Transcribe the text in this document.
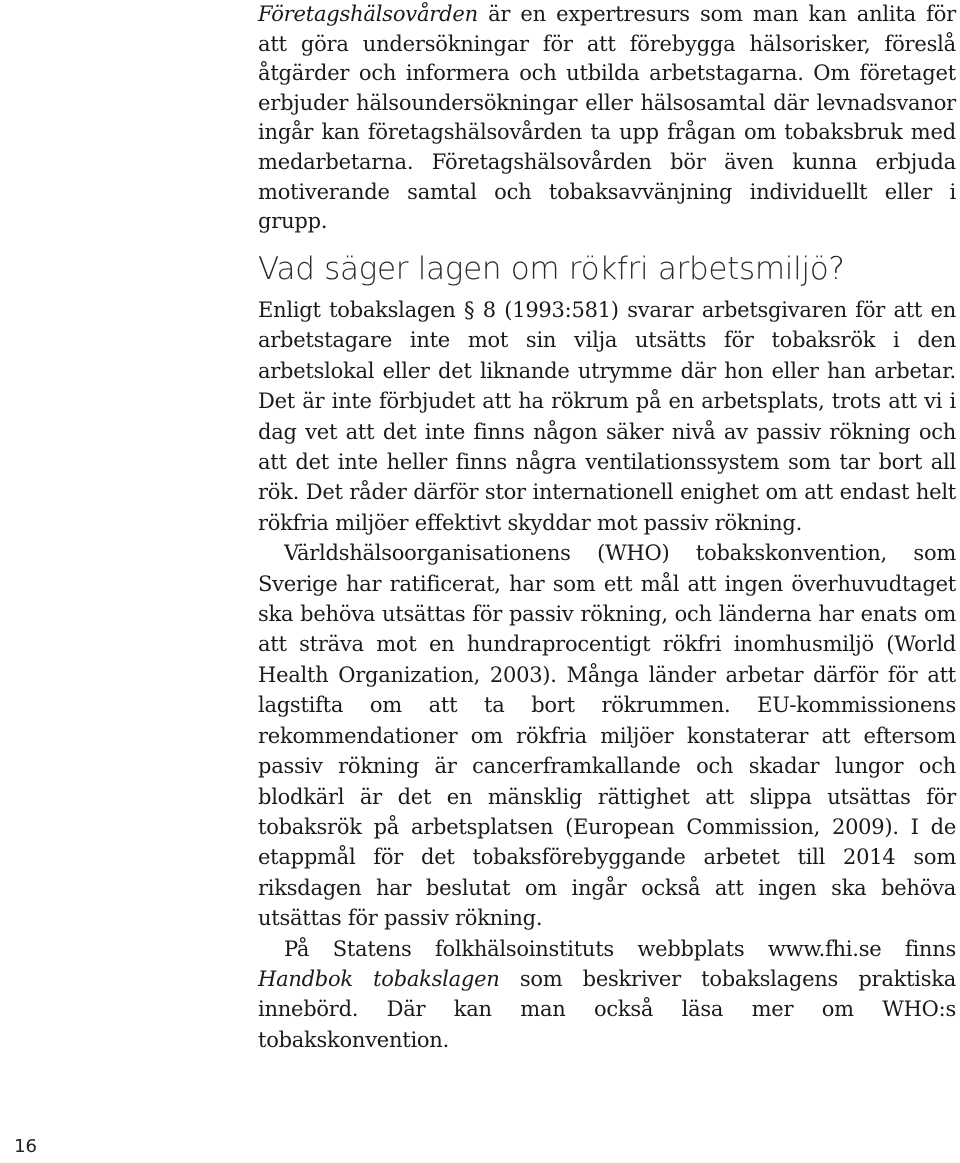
Företagshälsovården är en expertresurs som man kan anlita för att göra undersökningar för att förebygga hälsorisker, föreslå åtgärder och informera och utbilda arbetstagarna. Om företaget erbjuder hälsoundersökningar eller hälsosamtal där levnadsvanor ingår kan företagshälsovården ta upp frågan om tobaksbruk med medarbetarna. Företagshälsovården bör även kunna erbjuda motiverande samtal och tobaksavvänjning individuellt eller i grupp.

Vad säger lagen om rökfri arbetsmiljö?

Enligt tobakslagen § 8 (1993:581) svarar arbetsgivaren för att en arbetstagare inte mot sin vilja utsätts för tobaksrök i den arbetslokal eller det liknande utrymme där hon eller han arbetar. Det är inte förbjudet att ha rökrum på en arbetsplats, trots att vi i dag vet att det inte finns någon säker nivå av passiv rökning och att det inte heller finns några ventilationssystem som tar bort all rök. Det råder därför stor internationell enighet om att endast helt rökfria miljöer effektivt skyddar mot passiv rökning.

Världshälsoorganisationens (WHO) tobakskonvention, som Sverige har ratificerat, har som ett mål att ingen överhuvudtaget ska behöva utsättas för passiv rökning, och länderna har enats om att sträva mot en hundraprocentigt rökfri inomhusmiljö (World Health Organization, 2003). Många länder arbetar därför för att lagstifta om att ta bort rökrummen. EU-kommissionens rekommendationer om rökfria miljöer konstaterar att eftersom passiv rökning är cancerframkallande och skadar lungor och blodkärl är det en mänsklig rättighet att slippa utsättas för tobaksrök på arbetsplatsen (European Commission, 2009). I de etappmål för det tobaksförebyggande arbetet till 2014 som riksdagen har beslutat om ingår också att ingen ska behöva utsättas för passiv rökning.

På Statens folkhälsoinstituts webbplats www.fhi.se finns Handbok tobakslagen som beskriver tobakslagens praktiska innebörd. Där kan man också läsa mer om WHO:s tobakskonvention.

16
